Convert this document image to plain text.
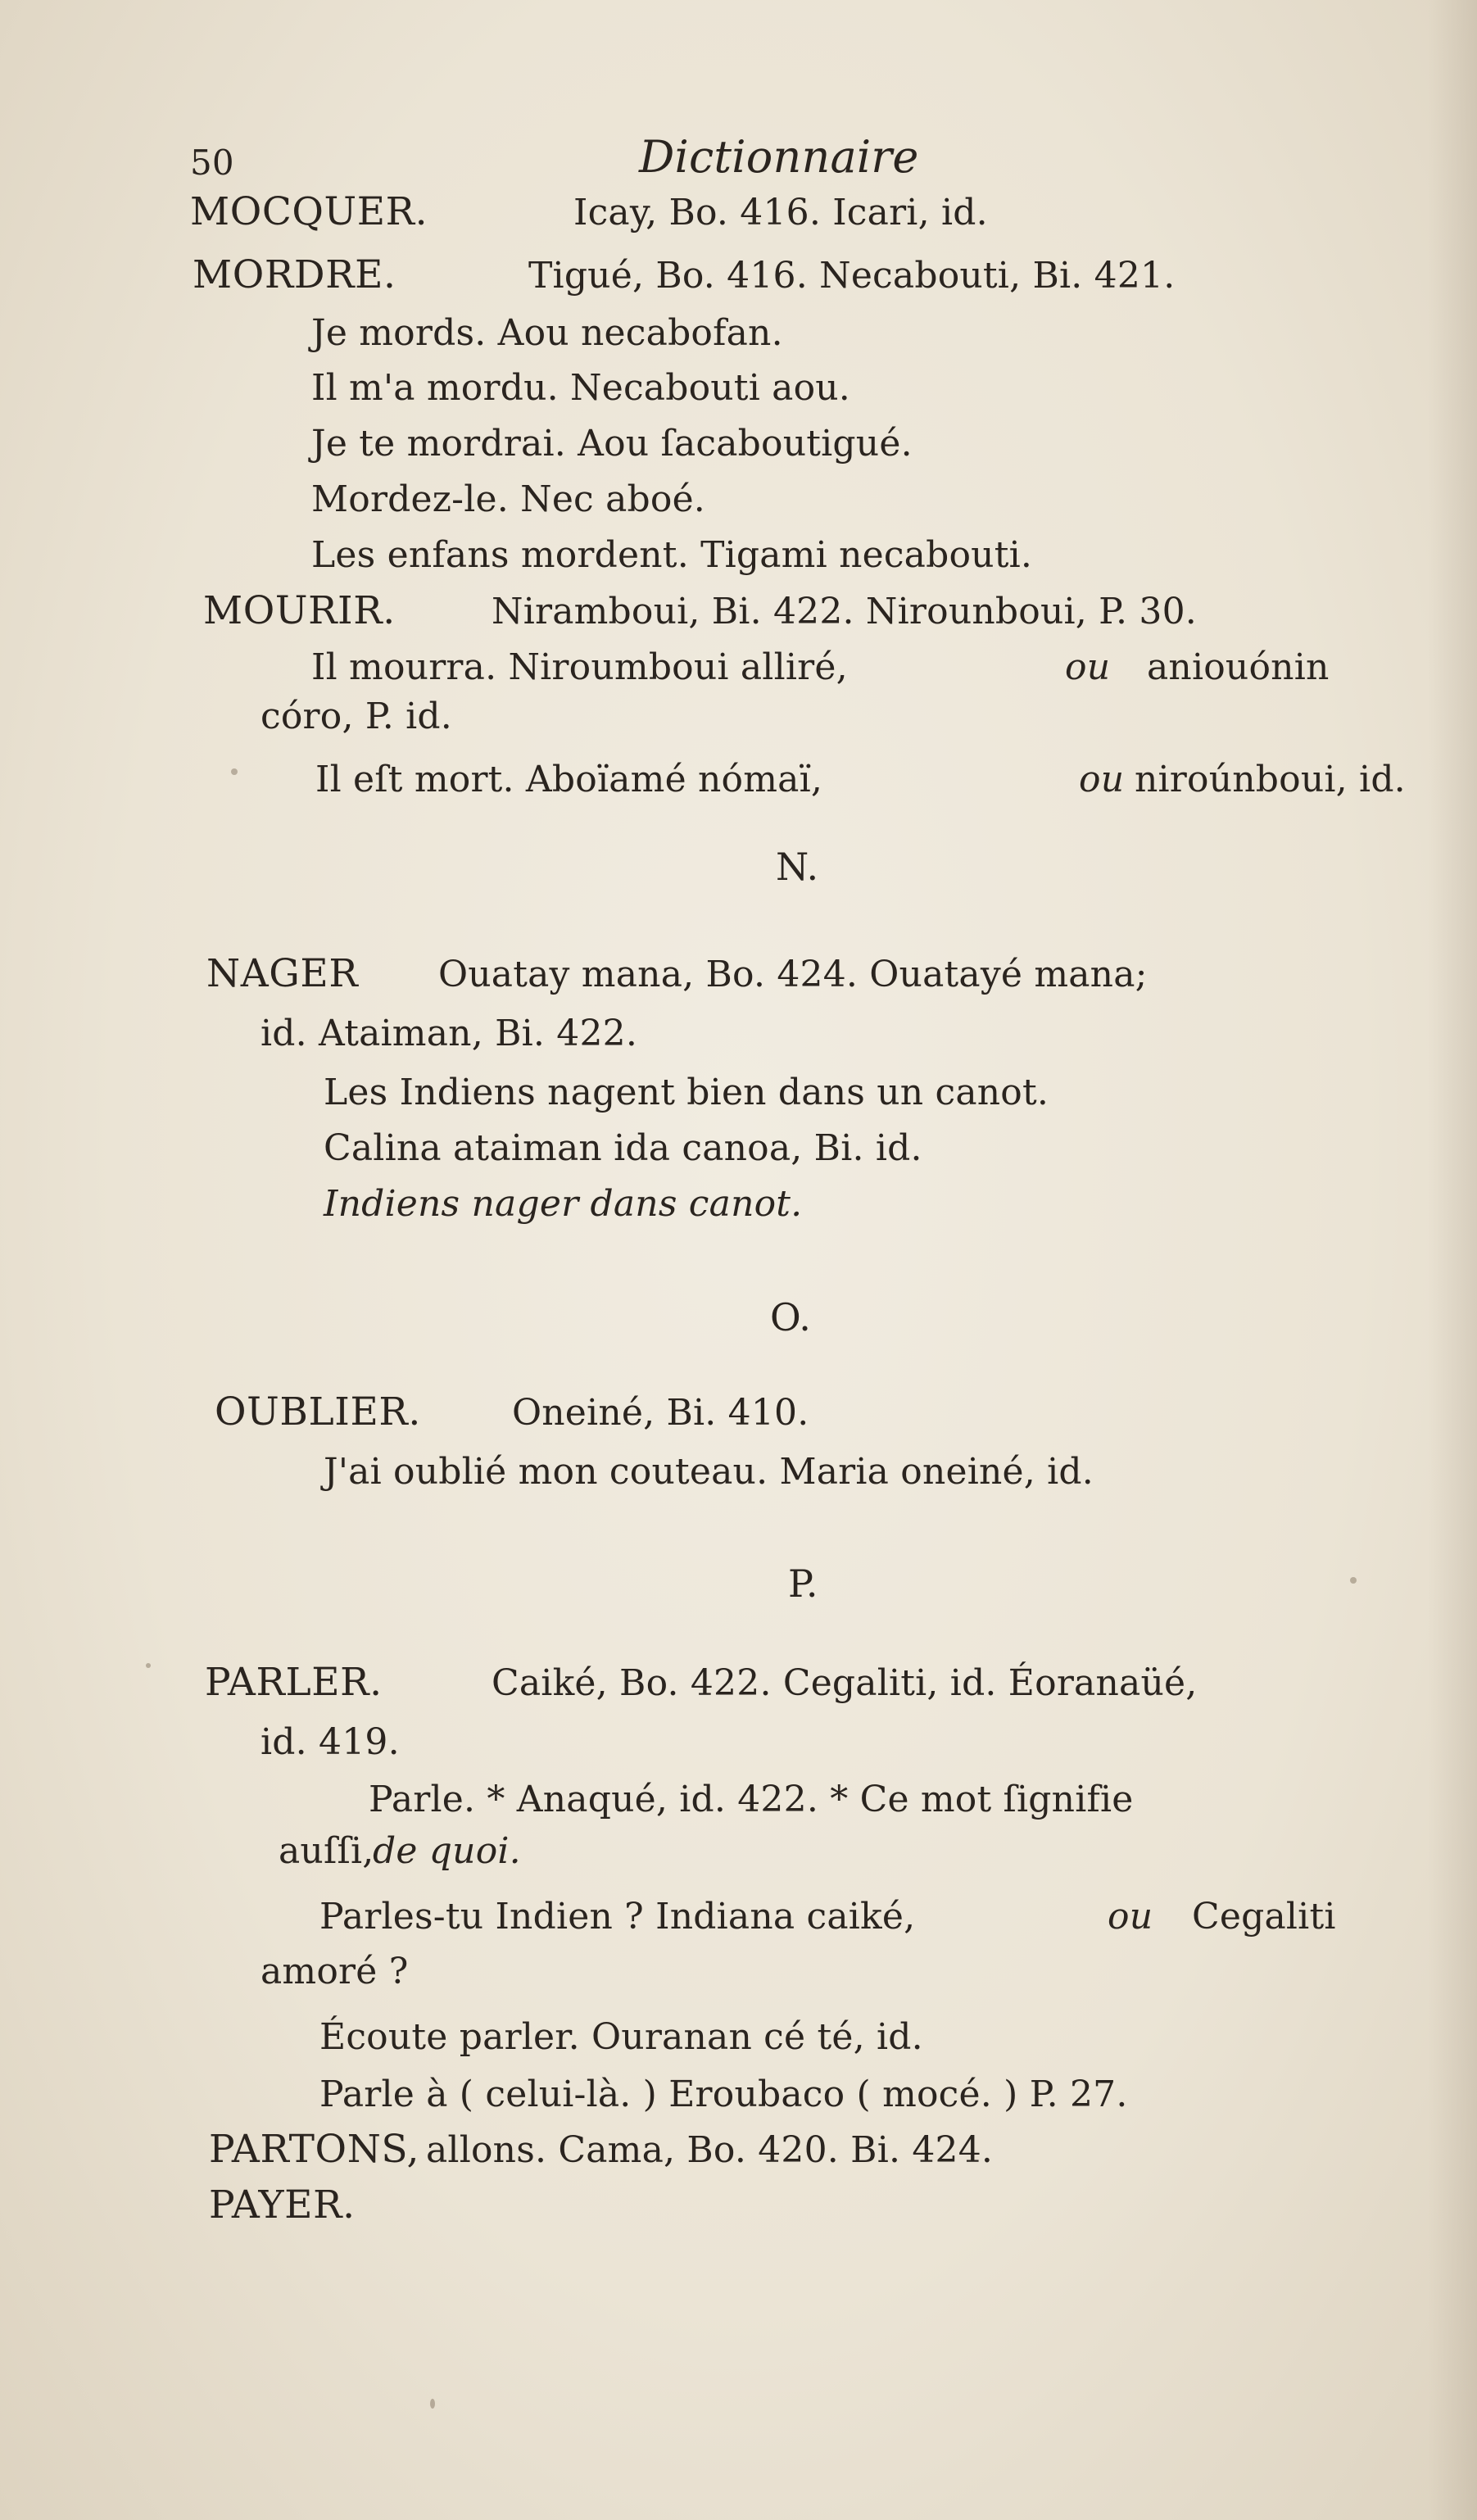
50	Dictionnaire
MOCQUER.	Icay, Bo. 416. Icari, id.
MORDRE.	Tigué, Bo. 416. Necabouti, Bi. 421.
Je mords. Aou necabofan.
Il m'a mordu. Necabouti aou.
Je te mordrai. Aou ſacaboutigué.
Mordez-le. Nec aboé.
Les enfans mordent. Tigami necabouti.
MOURIR.	Niramboui, Bi. 422. Nirounboui, P. 30.
Il mourra. Niroumboui alliré,	ou aniouónin
córo, P. id.
Il eſt mort. Aboïamé nómaï,	ou niroúnboui, id.
N.
NAGER Ouatay mana, Bo. 424. Ouatayé mana;
id. Ataiman, Bi. 422.
Les Indiens nagent bien dans un canot.
Calina ataiman ida canoa, Bi. id.
Indiens nager dans canot.
O.
OUBLIER.	Oneiné, Bi. 410.
J'ai oublié mon couteau. Maria oneiné, id.
P.
PARLER.	Caiké, Bo. 422. Cegaliti, id. Éoranaüé,
id. 419.
Parle. * Anaqué, id. 422. * Ce mot ſignifie
auſſi,
de quoi.
Parles-tu Indien ? Indiana caiké,	ou Cegaliti
amoré ?
Écoute parler. Ouranan cé té, id.
Parle à ( celui-là. ) Eroubaco ( mocé. ) P. 27.
PARTONS, allons. Cama, Bo. 420. Bi. 424.
PAYER.
